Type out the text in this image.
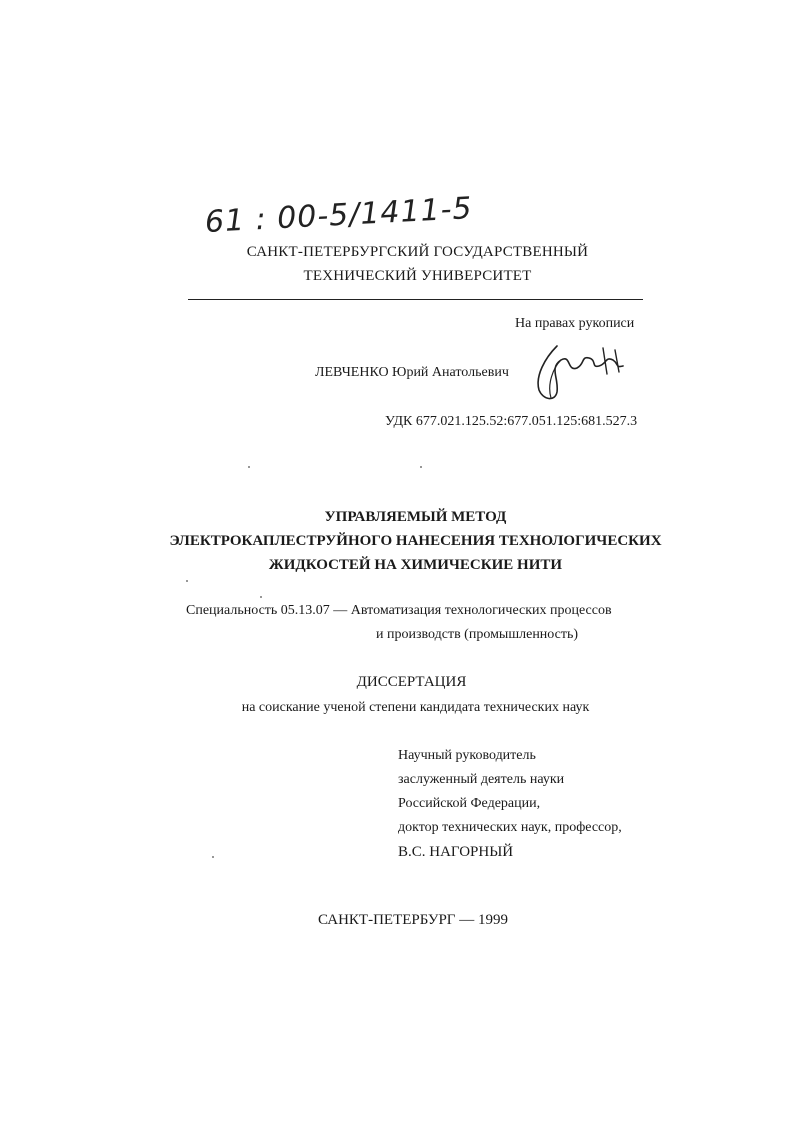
61 : 00-5/1411-5
САНКТ-ПЕТЕРБУРГСКИЙ ГОСУДАРСТВЕННЫЙ
ТЕХНИЧЕСКИЙ УНИВЕРСИТЕТ
На правах рукописи
ЛЕВЧЕНКО Юрий Анатольевич
УДК 677.021.125.52:677.051.125:681.527.3
УПРАВЛЯЕМЫЙ МЕТОД
ЭЛЕКТРОКАПЛЕСТРУЙНОГО НАНЕСЕНИЯ ТЕХНОЛОГИЧЕСКИХ
ЖИДКОСТЕЙ НА ХИМИЧЕСКИЕ НИТИ
Специальность 05.13.07 — Автоматизация технологических процессов
и производств (промышленность)
ДИССЕРТАЦИЯ
на соискание ученой степени кандидата технических наук
Научный руководитель
заслуженный деятель науки
Российской Федерации,
доктор технических наук, профессор,
В.С. НАГОРНЫЙ
САНКТ-ПЕТЕРБУРГ — 1999
